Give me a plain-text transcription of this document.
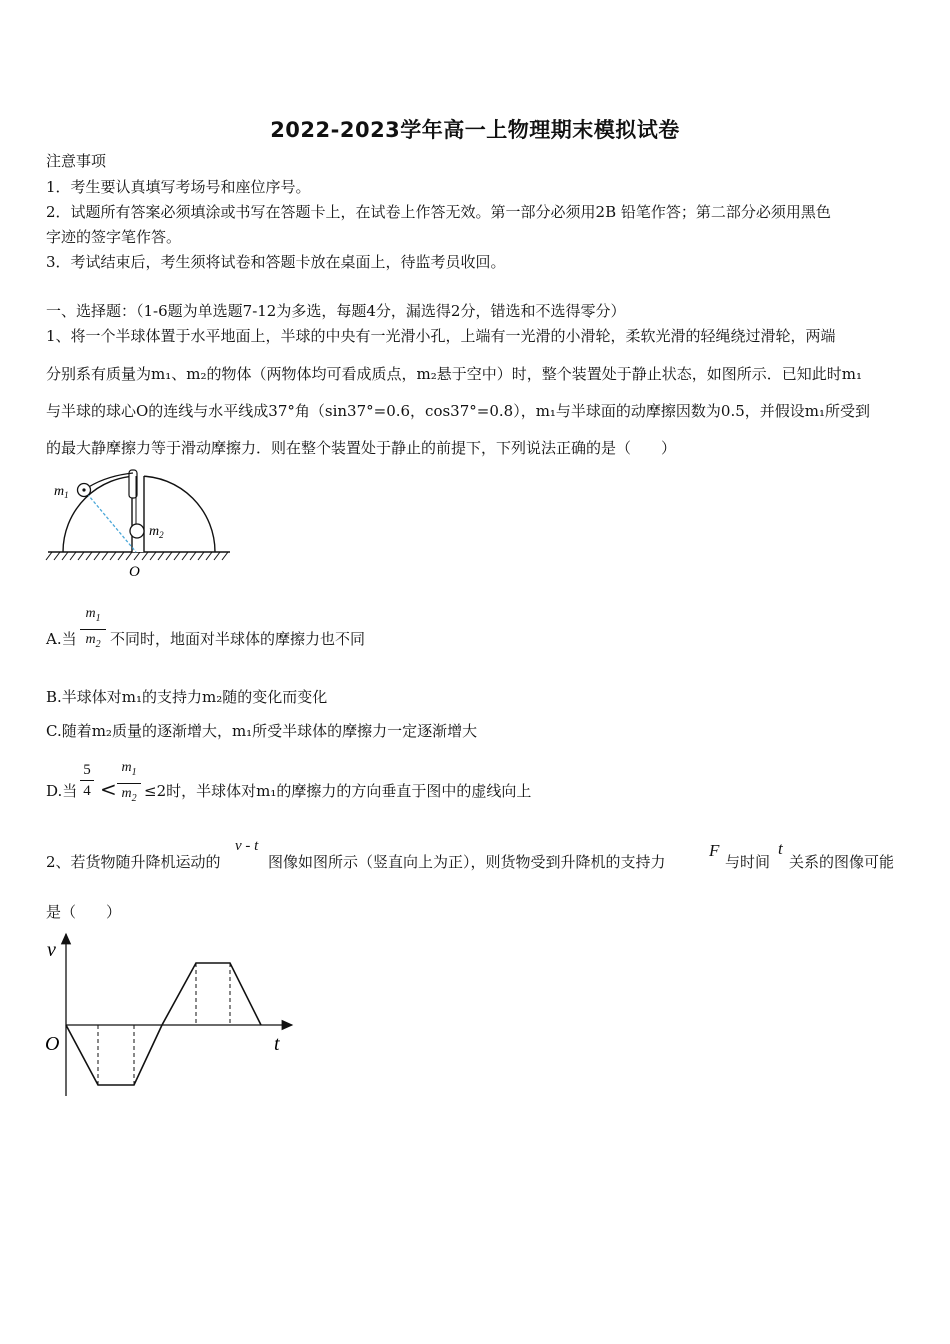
2022-2023学年高一上物理期末模拟试卷
注意事项
1．考生要认真填写考场号和座位序号。
2．试题所有答案必须填涂或书写在答题卡上，在试卷上作答无效。第一部分必须用2B 铅笔作答；第二部分必须用黑色
字迹的签字笔作答。
3．考试结束后，考生须将试卷和答题卡放在桌面上，待监考员收回。
一、选择题：（1-6题为单选题7-12为多选，每题4分，漏选得2分，错选和不选得零分）
1、将一个半球体置于水平地面上，半球的中央有一光滑小孔，上端有一光滑的小滑轮，柔软光滑的轻绳绕过滑轮，两端
分别系有质量为m₁、m₂的物体（两物体均可看成质点，m₂悬于空中）时，整个装置处于静止状态，如图所示．已知此时m₁
与半球的球心O的连线与水平线成37°角（sin37°=0.6，cos37°=0.8），m₁与半球面的动摩擦因数为0.5，并假设m₁所受到
的最大静摩擦力等于滑动摩擦力．则在整个装置处于静止的前提下，下列说法正确的是（　　）
$m_1$
$m_2$
O
A.当
$m_1$
$m_2$ 不同时，地面对半球体的摩擦力也不同
B.半球体对m₁的支持力m₂随的变化而变化
C.随着m₂质量的逐渐增大，m₁所受半球体的摩擦力一定逐渐增大
D.当
5
4 <
$m_1$
$m_2 \le 2$时，半球体对m₁的摩擦力的方向垂直于图中的虚线向上
2、若货物随升降机运动的
v - t
图像如图所示（竖直向上为正），则货物受到升降机的支持力
F
与时间
t
关系的图像可能
是（　　）
v
t
O
